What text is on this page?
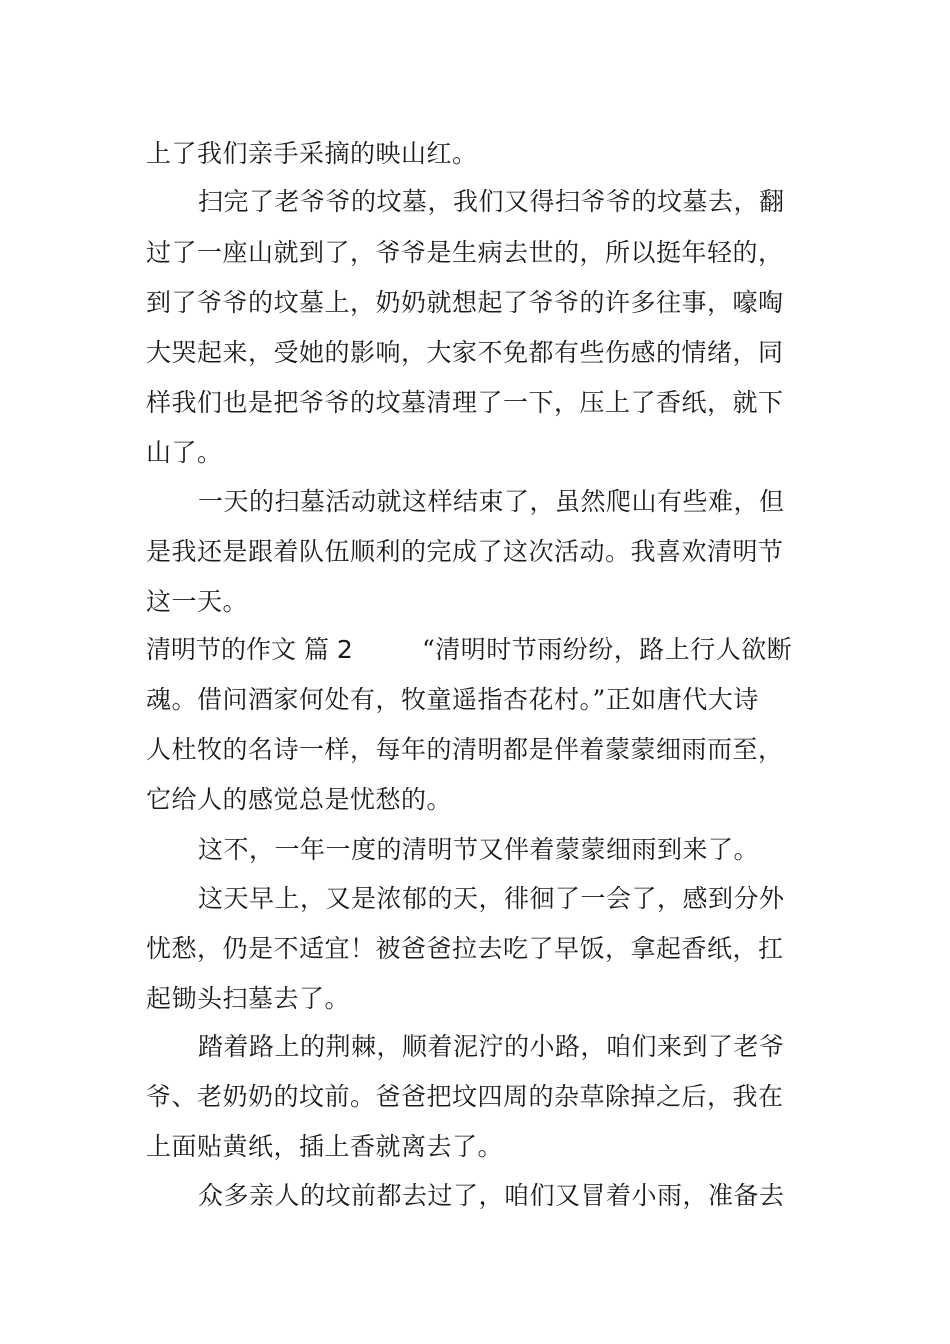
上了我们亲手采摘的映山红。
扫完了老爷爷的坟墓，我们又得扫爷爷的坟墓去，翻
过了一座山就到了，爷爷是生病去世的，所以挺年轻的，
到了爷爷的坟墓上，奶奶就想起了爷爷的许多往事，嚎啕
大哭起来，受她的影响，大家不免都有些伤感的情绪，同
样我们也是把爷爷的坟墓清理了一下，压上了香纸，就下
山了。
一天的扫墓活动就这样结束了，虽然爬山有些难，但
是我还是跟着队伍顺利的完成了这次活动。我喜欢清明节
这一天。
清明节的作文 篇 2	“清明时节雨纷纷，路上行人欲断
魂。借问酒家何处有，牧童遥指杏花村。”正如唐代大诗
人杜牧的名诗一样，每年的清明都是伴着蒙蒙细雨而至，
它给人的感觉总是忧愁的。
这不，一年一度的清明节又伴着蒙蒙细雨到来了。
这天早上，又是浓郁的天，徘徊了一会了，感到分外
忧愁，仍是不适宜！被爸爸拉去吃了早饭，拿起香纸，扛
起锄头扫墓去了。
踏着路上的荆棘，顺着泥泞的小路，咱们来到了老爷
爷、老奶奶的坟前。爸爸把坟四周的杂草除掉之后，我在
上面贴黄纸，插上香就离去了。
众多亲人的坟前都去过了，咱们又冒着小雨，准备去
